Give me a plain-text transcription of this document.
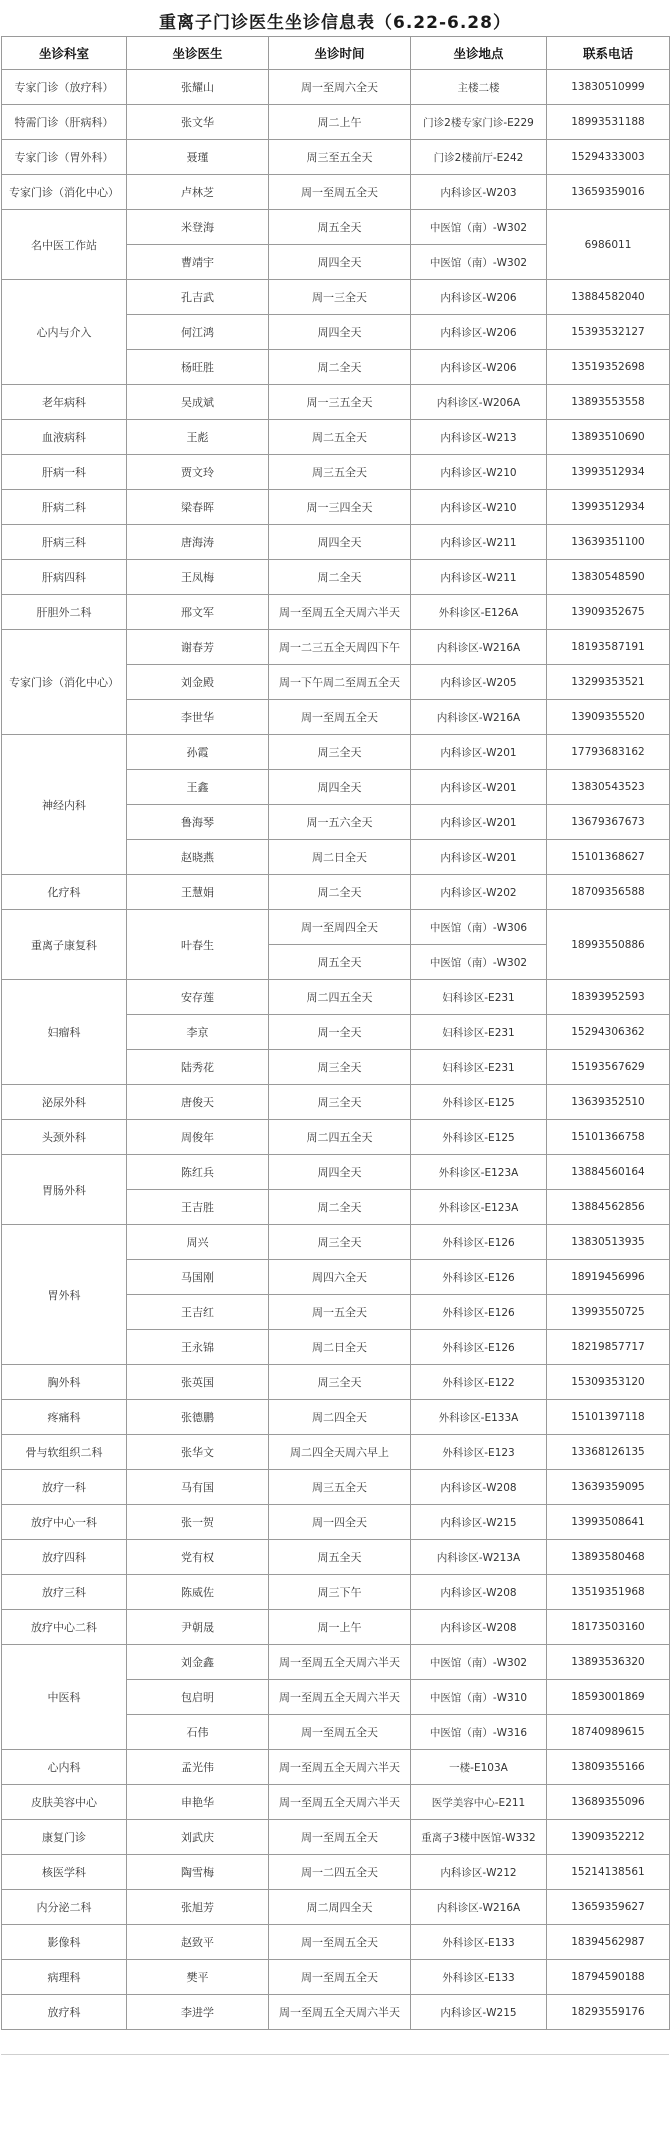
重离子门诊医生坐诊信息表（6.22-6.28）
坐诊科室	坐诊医生	坐诊时间	坐诊地点	联系电话
专家门诊（放疗科）	张耀山	周一至周六全天	主楼二楼	13830510999
特需门诊（肝病科）	张文华	周二上午	门诊2楼专家门诊-E229	18993531188
专家门诊（胃外科）	聂瑾	周三至五全天	门诊2楼前厅-E242	15294333003
专家门诊（消化中心）	卢林芝	周一至周五全天	内科诊区-W203	13659359016
名中医工作站	米登海	周五全天	中医馆（南）-W302	6986011
	曹靖宇	周四全天	中医馆（南）-W302	
心内与介入	孔吉武	周一三全天	内科诊区-W206	13884582040
	何江鸿	周四全天	内科诊区-W206	15393532127
	杨旺胜	周二全天	内科诊区-W206	13519352698
老年病科	吴成斌	周一三五全天	内科诊区-W206A	13893553558
血液病科	王彪	周二五全天	内科诊区-W213	13893510690
肝病一科	贾文玲	周三五全天	内科诊区-W210	13993512934
肝病二科	梁春晖	周一三四全天	内科诊区-W210	13993512934
肝病三科	唐海涛	周四全天	内科诊区-W211	13639351100
肝病四科	王凤梅	周二全天	内科诊区-W211	13830548590
肝胆外二科	邢文军	周一至周五全天周六半天	外科诊区-E126A	13909352675
专家门诊（消化中心）	谢春芳	周一二三五全天周四下午	内科诊区-W216A	18193587191
	刘金殿	周一下午周二至周五全天	内科诊区-W205	13299353521
	李世华	周一至周五全天	内科诊区-W216A	13909355520
神经内科	孙霞	周三全天	内科诊区-W201	17793683162
	王鑫	周四全天	内科诊区-W201	13830543523
	鲁海琴	周一五六全天	内科诊区-W201	13679367673
	赵晓燕	周二日全天	内科诊区-W201	15101368627
化疗科	王慧娟	周二全天	内科诊区-W202	18709356588
重离子康复科	叶春生	周一至周四全天	中医馆（南）-W306	18993550886
		周五全天	中医馆（南）-W302	
妇瘤科	安存莲	周二四五全天	妇科诊区-E231	18393952593
	李京	周一全天	妇科诊区-E231	15294306362
	陆秀花	周三全天	妇科诊区-E231	15193567629
泌尿外科	唐俊天	周三全天	外科诊区-E125	13639352510
头颈外科	周俊年	周二四五全天	外科诊区-E125	15101366758
胃肠外科	陈红兵	周四全天	外科诊区-E123A	13884560164
	王吉胜	周二全天	外科诊区-E123A	13884562856
胃外科	周兴	周三全天	外科诊区-E126	13830513935
	马国刚	周四六全天	外科诊区-E126	18919456996
	王吉红	周一五全天	外科诊区-E126	13993550725
	王永锦	周二日全天	外科诊区-E126	18219857717
胸外科	张英国	周三全天	外科诊区-E122	15309353120
疼痛科	张德鹏	周二四全天	外科诊区-E133A	15101397118
骨与软组织二科	张华文	周二四全天周六早上	外科诊区-E123	13368126135
放疗一科	马有国	周三五全天	内科诊区-W208	13639359095
放疗中心一科	张一贺	周一四全天	内科诊区-W215	13993508641
放疗四科	党有权	周五全天	内科诊区-W213A	13893580468
放疗三科	陈威佐	周三下午	内科诊区-W208	13519351968
放疗中心二科	尹朝晟	周一上午	内科诊区-W208	18173503160
中医科	刘金鑫	周一至周五全天周六半天	中医馆（南）-W302	13893536320
	包启明	周一至周五全天周六半天	中医馆（南）-W310	18593001869
	石伟	周一至周五全天	中医馆（南）-W316	18740989615
心内科	孟光伟	周一至周五全天周六半天	一楼-E103A	13809355166
皮肤美容中心	申艳华	周一至周五全天周六半天	医学美容中心-E211	13689355096
康复门诊	刘武庆	周一至周五全天	重离子3楼中医馆-W332	13909352212
核医学科	陶雪梅	周一二四五全天	内科诊区-W212	15214138561
内分泌二科	张旭芳	周二周四全天	内科诊区-W216A	13659359627
影像科	赵致平	周一至周五全天	外科诊区-E133	18394562987
病理科	樊平	周一至周五全天	外科诊区-E133	18794590188
放疗科	李进学	周一至周五全天周六半天	内科诊区-W215	18293559176
